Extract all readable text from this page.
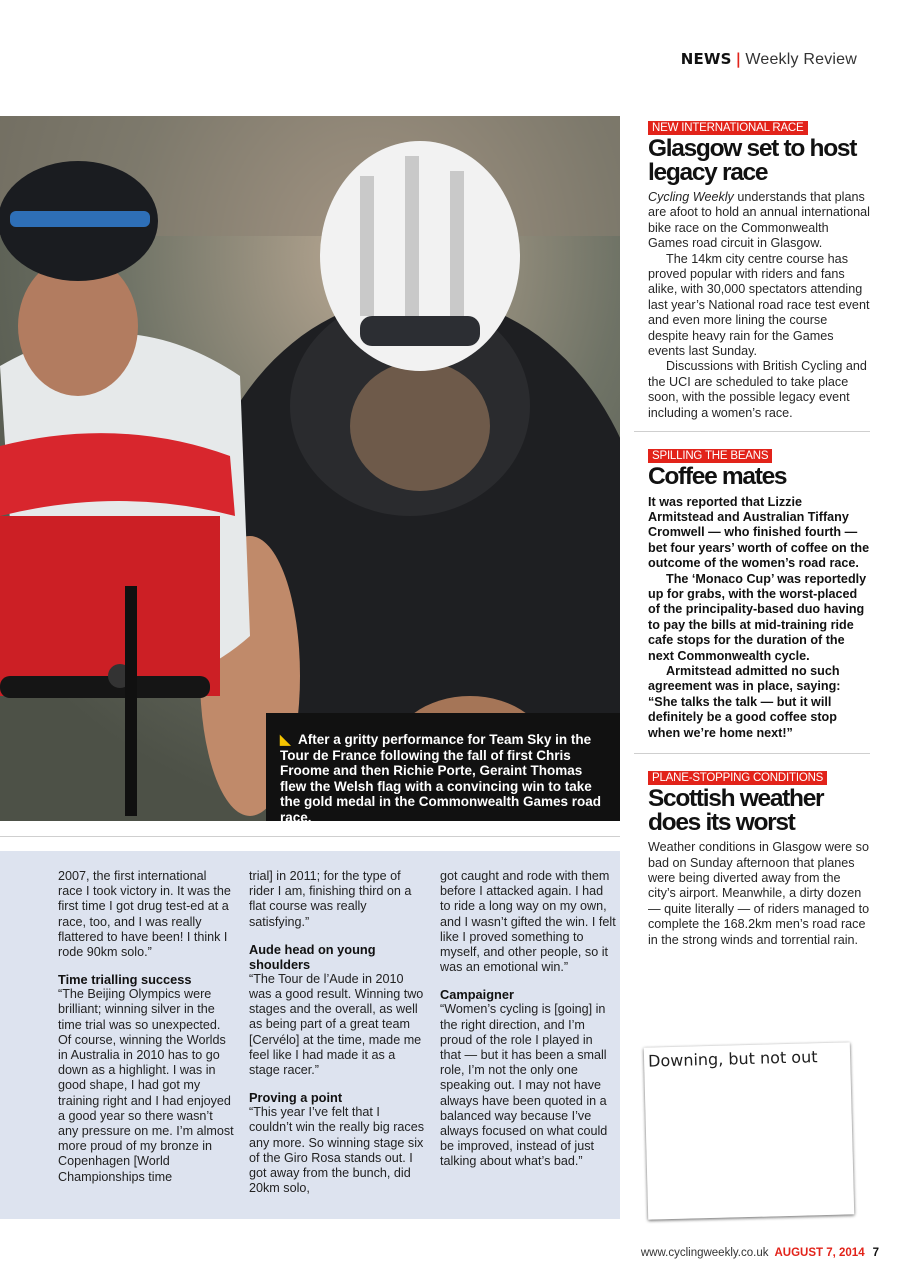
NEWS | Weekly Review
◣ After a gritty performance for Team Sky in the Tour de France following the fall of first Chris Froome and then Richie Porte, Geraint Thomas flew the Welsh flag with a convincing win to take the gold medal in the Commonwealth Games road race.
NEW INTERNATIONAL RACE
Glasgow set to host legacy race

Cycling Weekly understands that plans are afoot to hold an annual international bike race on the Commonwealth Games road circuit in Glasgow.

The 14km city centre course has proved popular with riders and fans alike, with 30,000 spectators attending last year’s National road race test event and even more lining the course despite heavy rain for the Games events last Sunday.

Discussions with British Cycling and the UCI are scheduled to take place soon, with the possible legacy event including a women’s race.

SPILLING THE BEANS
Coffee mates

It was reported that Lizzie Armitstead and Australian Tiffany Cromwell — who finished fourth — bet four years’ worth of coffee on the outcome of the women’s road race.

The ‘Monaco Cup’ was reportedly up for grabs, with the worst-placed of the principality-based duo having to pay the bills at mid-training ride cafe stops for the duration of the next Commonwealth cycle.

Armitstead admitted no such agreement was in place, saying: “She talks the talk — but it will definitely be a good coffee stop when we’re home next!”

PLANE-STOPPING CONDITIONS
Scottish weather does its worst

Weather conditions in Glasgow were so bad on Sunday afternoon that planes were being diverted away from the city’s airport. Meanwhile, a dirty dozen — quite literally — of riders managed to complete the 168.2km men’s road race in the strong winds and torrential rain.

Downing, but not out

2007, the first international race I took victory in. It was the first time I got drug test-ed at a race, too, and I was really flattered to have been! I think I rode 90km solo.”

Time trialling success

“The Beijing Olympics were brilliant; winning silver in the time trial was so unexpected. Of course, winning the Worlds in Australia in 2010 has to go down as a highlight. I was in good shape, I had got my training right and I had enjoyed a good year so there wasn’t any pressure on me. I’m almost more proud of my bronze in Copenhagen [World Championships time

trial] in 2011; for the type of rider I am, finishing third on a flat course was really satisfying.”

Aude head on young shoulders

“The Tour de l’Aude in 2010 was a good result. Winning two stages and the overall, as well as being part of a great team [Cervélo] at the time, made me feel like I had made it as a stage racer.”

Proving a point

“This year I’ve felt that I couldn’t win the really big races any more. So winning stage six of the Giro Rosa stands out. I got away from the bunch, did 20km solo,

got caught and rode with them before I attacked again. I had to ride a long way on my own, and I wasn’t gifted the win. I felt like I proved something to myself, and other people, so it was an emotional win.”

Campaigner

“Women’s cycling is [going] in the right direction, and I’m proud of the role I played in that — but it has been a small role, I’m not the only one speaking out. I may not have always have been quoted in a balanced way because I’ve always focused on what could be improved, instead of just talking about what’s bad.”

www.cyclingweekly.co.uk AUGUST 7, 2014 7
